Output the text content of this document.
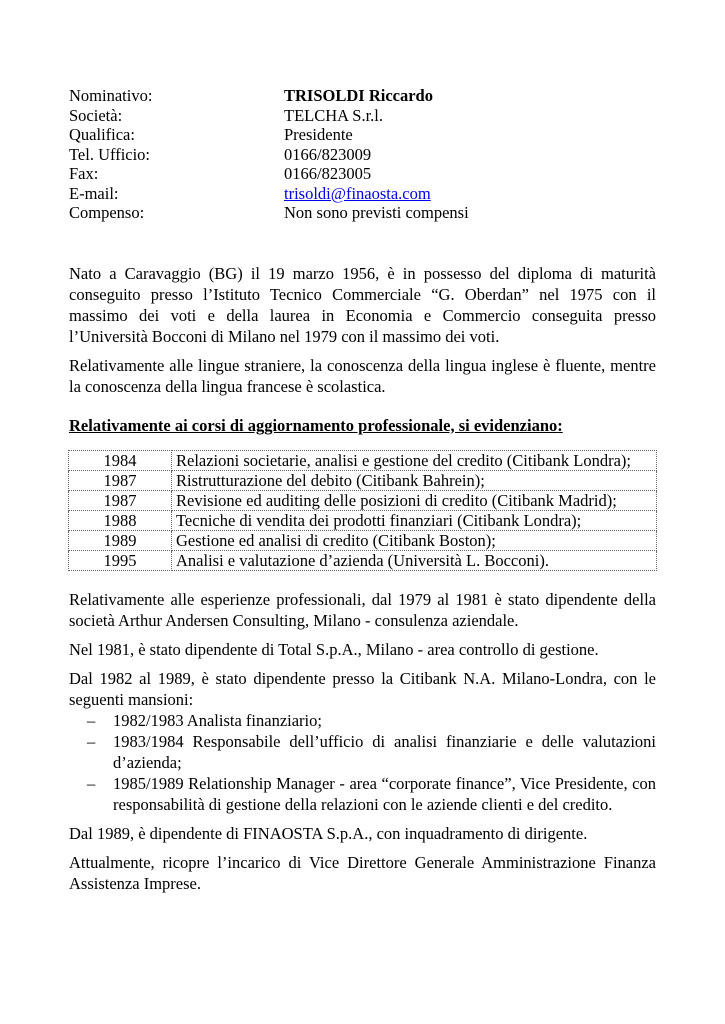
Nominativo:	TRISOLDI Riccardo
Società:	TELCHA S.r.l.
Qualifica:	Presidente
Tel. Ufficio:	0166/823009
Fax:	0166/823005
E-mail:	trisoldi@finaosta.com
Compenso:	Non sono previsti compensi

Nato a Caravaggio (BG) il 19 marzo 1956, è in possesso del diploma di maturità conseguito presso l’Istituto Tecnico Commerciale “G. Oberdan” nel 1975 con il massimo dei voti e della laurea in Economia e Commercio conseguita presso l’Università Bocconi di Milano nel 1979 con il massimo dei voti.

Relativamente alle lingue straniere, la conoscenza della lingua inglese è fluente, mentre la conoscenza della lingua francese è scolastica.

Relativamente ai corsi di aggiornamento professionale, si evidenziano:

1984	Relazioni societarie, analisi e gestione del credito (Citibank Londra);
1987	Ristrutturazione del debito (Citibank Bahrein);
1987	Revisione ed auditing delle posizioni di credito (Citibank Madrid);
1988	Tecniche di vendita dei prodotti finanziari (Citibank Londra);
1989	Gestione ed analisi di credito (Citibank Boston);
1995	Analisi e valutazione d’azienda (Università L. Bocconi).

Relativamente alle esperienze professionali, dal 1979 al 1981 è stato dipendente della società Arthur Andersen Consulting, Milano - consulenza aziendale.

Nel 1981, è stato dipendente di Total S.p.A., Milano - area controllo di gestione.

Dal 1982 al 1989, è stato dipendente presso la Citibank N.A. Milano-Londra, con le seguenti mansioni:

– 1982/1983 Analista finanziario;
– 1983/1984 Responsabile dell’ufficio di analisi finanziarie e delle valutazioni d’azienda;
– 1985/1989 Relationship Manager - area “corporate finance”, Vice Presidente, con responsabilità di gestione della relazioni con le aziende clienti e del credito.

Dal 1989, è dipendente di FINAOSTA S.p.A., con inquadramento di dirigente.

Attualmente, ricopre l’incarico di Vice Direttore Generale Amministrazione Finanza Assistenza Imprese.
